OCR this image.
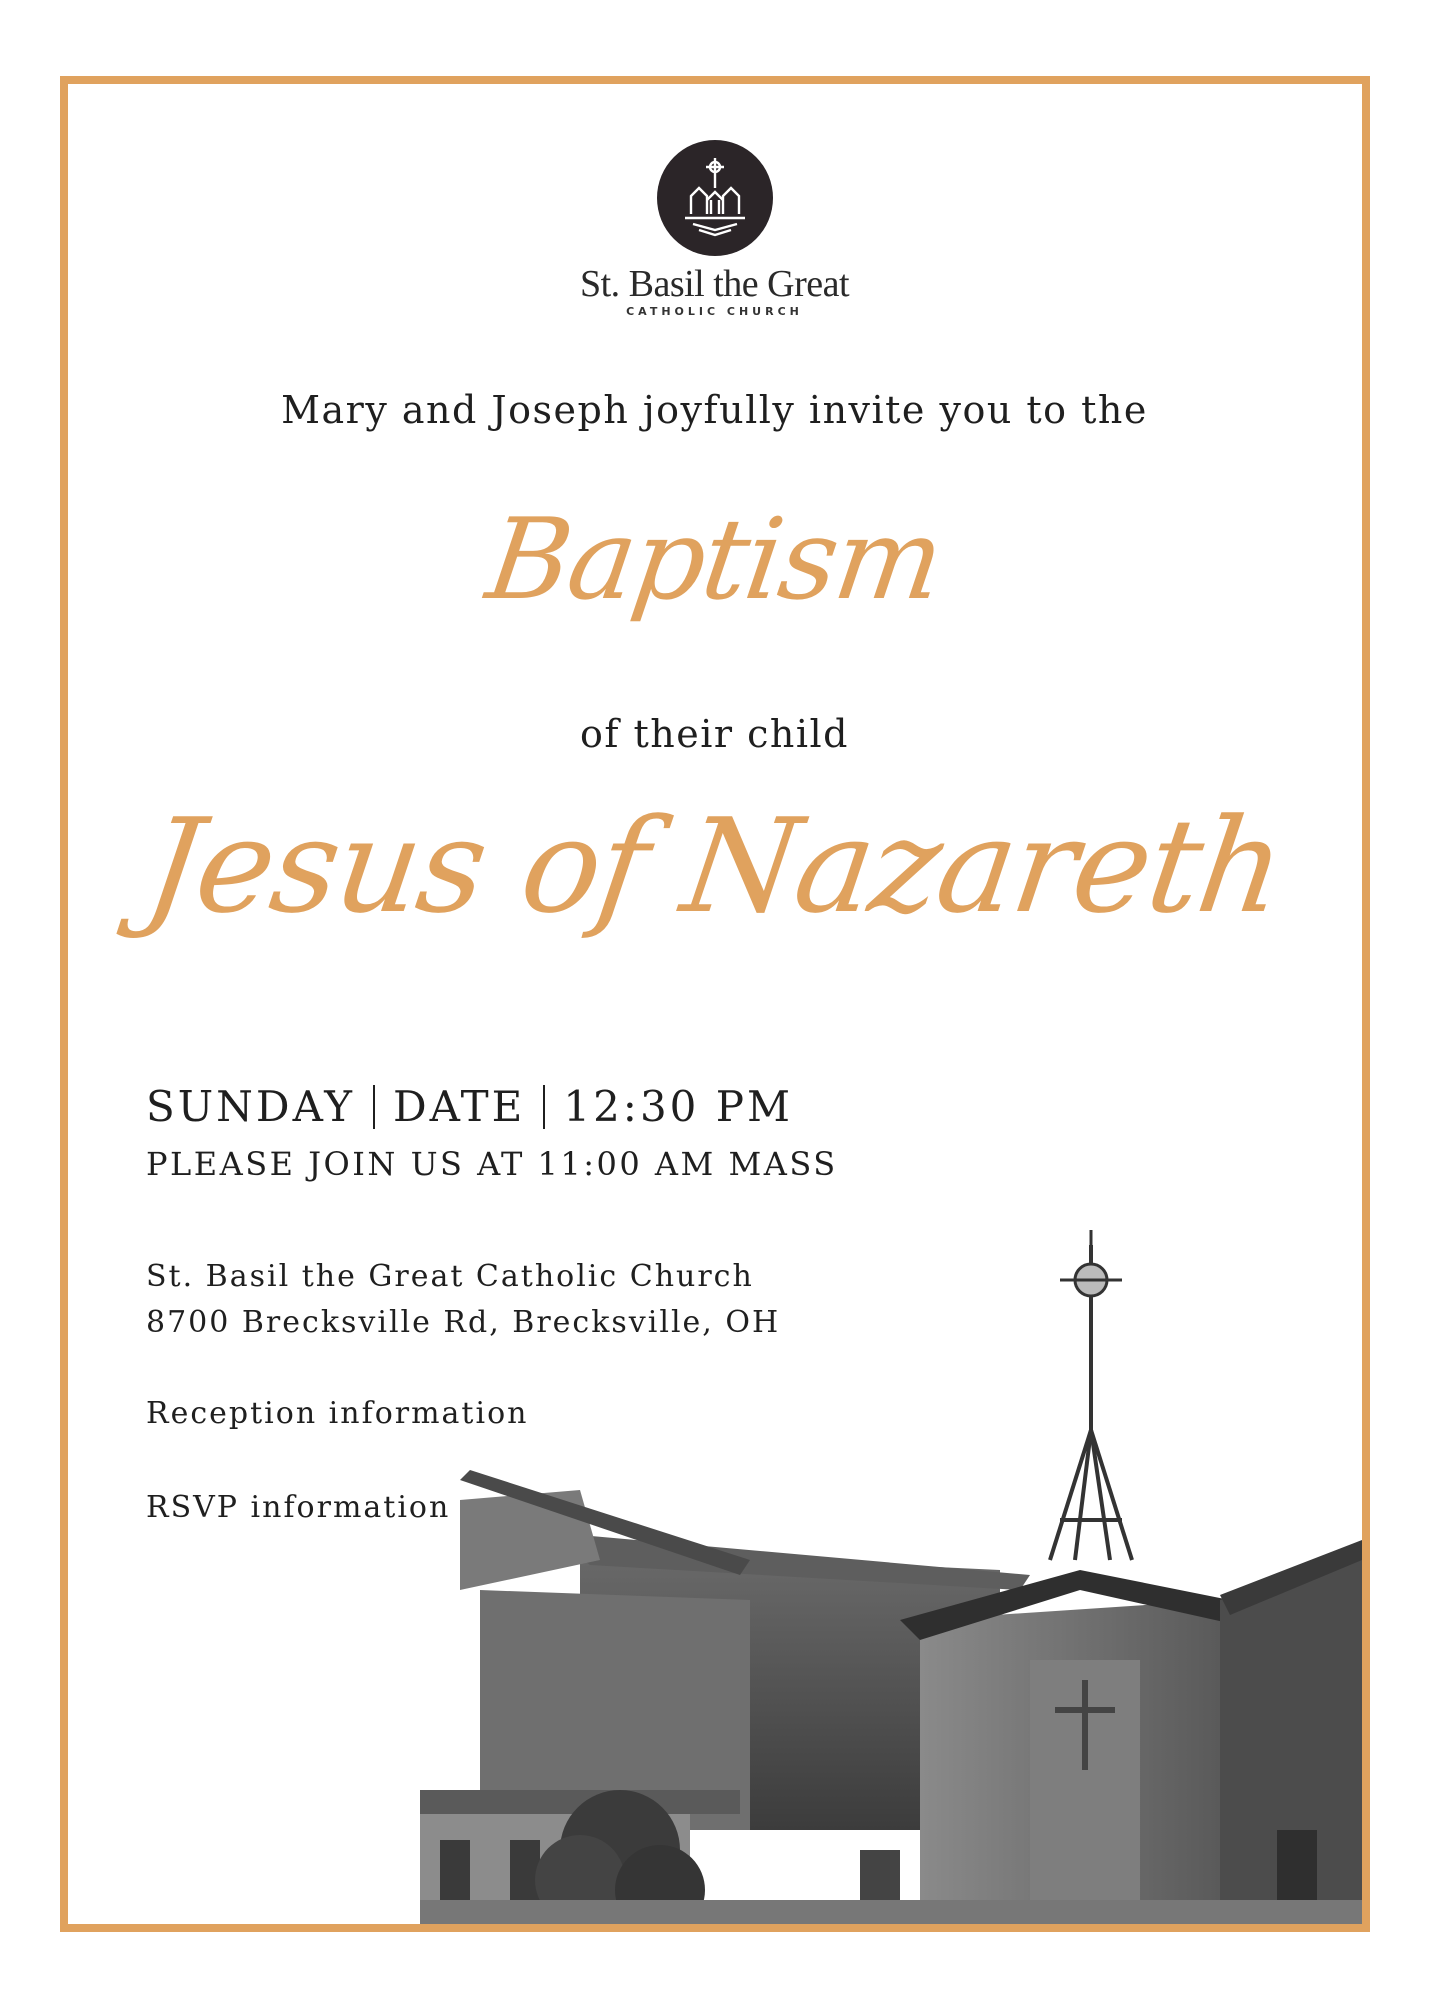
St. Basil the Great
CATHOLIC CHURCH
Mary and Joseph joyfully invite you to the
Baptism
of their child
Jesus of Nazareth
SUNDAY DATE 12:30 PM
PLEASE JOIN US AT 11:00 AM MASS
St. Basil the Great Catholic Church
8700 Brecksville Rd, Brecksville, OH
Reception information
RSVP information
